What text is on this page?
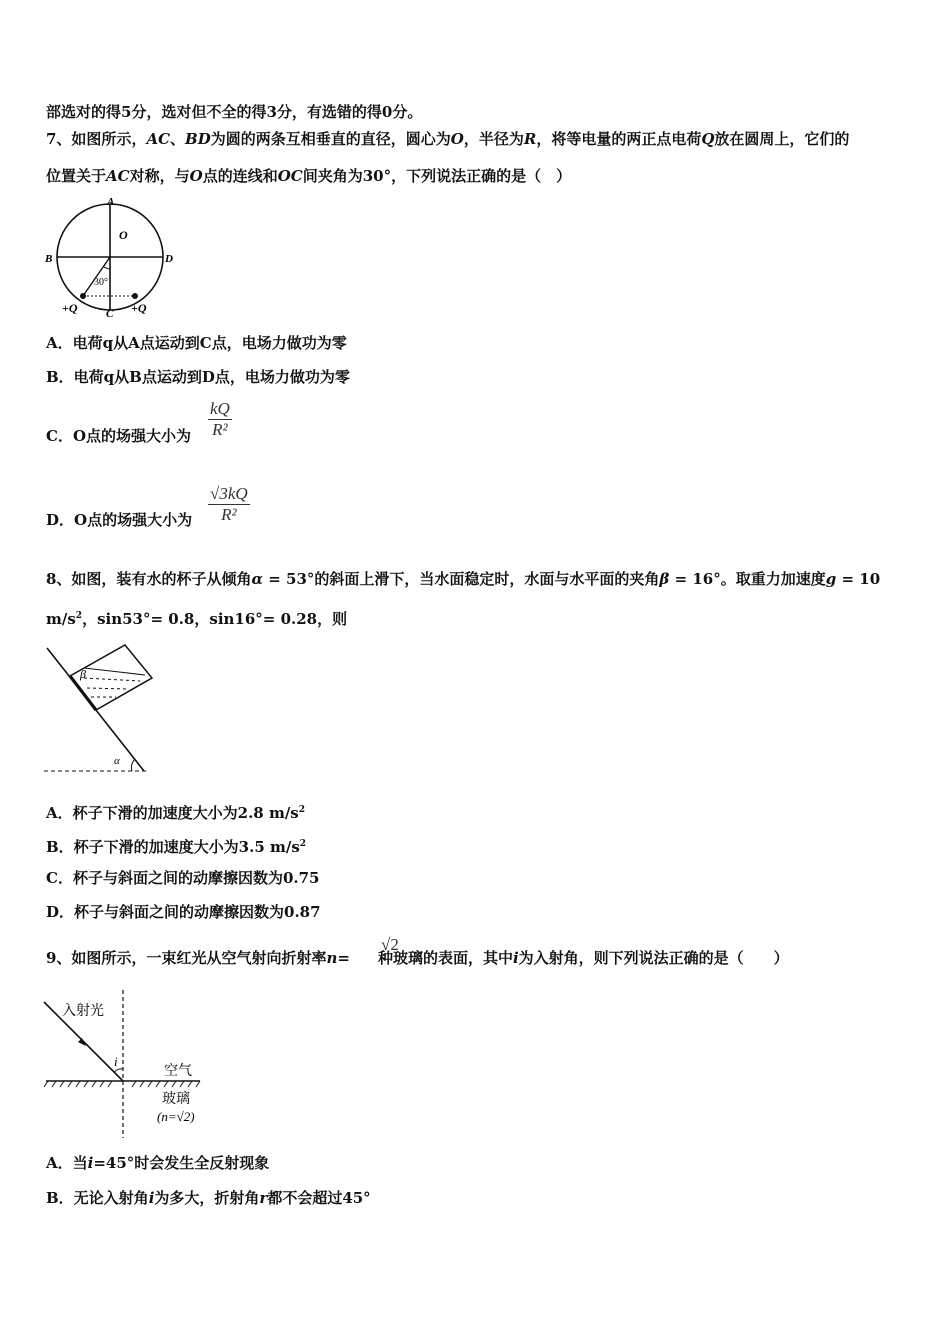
部选对的得5分，选对但不全的得3分，有选错的得0分。
7、如图所示，AC、BD为圆的两条互相垂直的直径，圆心为O，半径为R，将等电量的两正点电荷Q放在圆周上，它们的
位置关于AC对称，与O点的连线和OC间夹角为30°，下列说法正确的是（　）
A
O
B	D
30°
+Q	C +Q
A．电荷q从A点运动到C点，电场力做功为零
B．电荷q从B点运动到D点，电场力做功为零
C．O点的场强大小为
kQ
R²
D．O点的场强大小为
√3kQ
R²
8、如图，装有水的杯子从倾角α = 53°的斜面上滑下，当水面稳定时，水面与水平面的夹角β = 16°。取重力加速度g = 10
$m/s^2$，sin53°= 0.8，sin16°= 0.28，则
β
α
A．杯子下滑的加速度大小为2.8 $m/s^2$
B．杯子下滑的加速度大小为3.5 $m/s^2$
C．杯子与斜面之间的动摩擦因数为0.75
D．杯子与斜面之间的动摩擦因数为0.87
9、如图所示，一束红光从空气射向折射率n= 种玻璃的表面，其中i为入射角，则下列说法正确的是（　　）
√2
入射光
i
空气
玻璃
(n=√2)
A．当i=45°时会发生全反射现象
B．无论入射角i为多大，折射角r都不会超过45°
